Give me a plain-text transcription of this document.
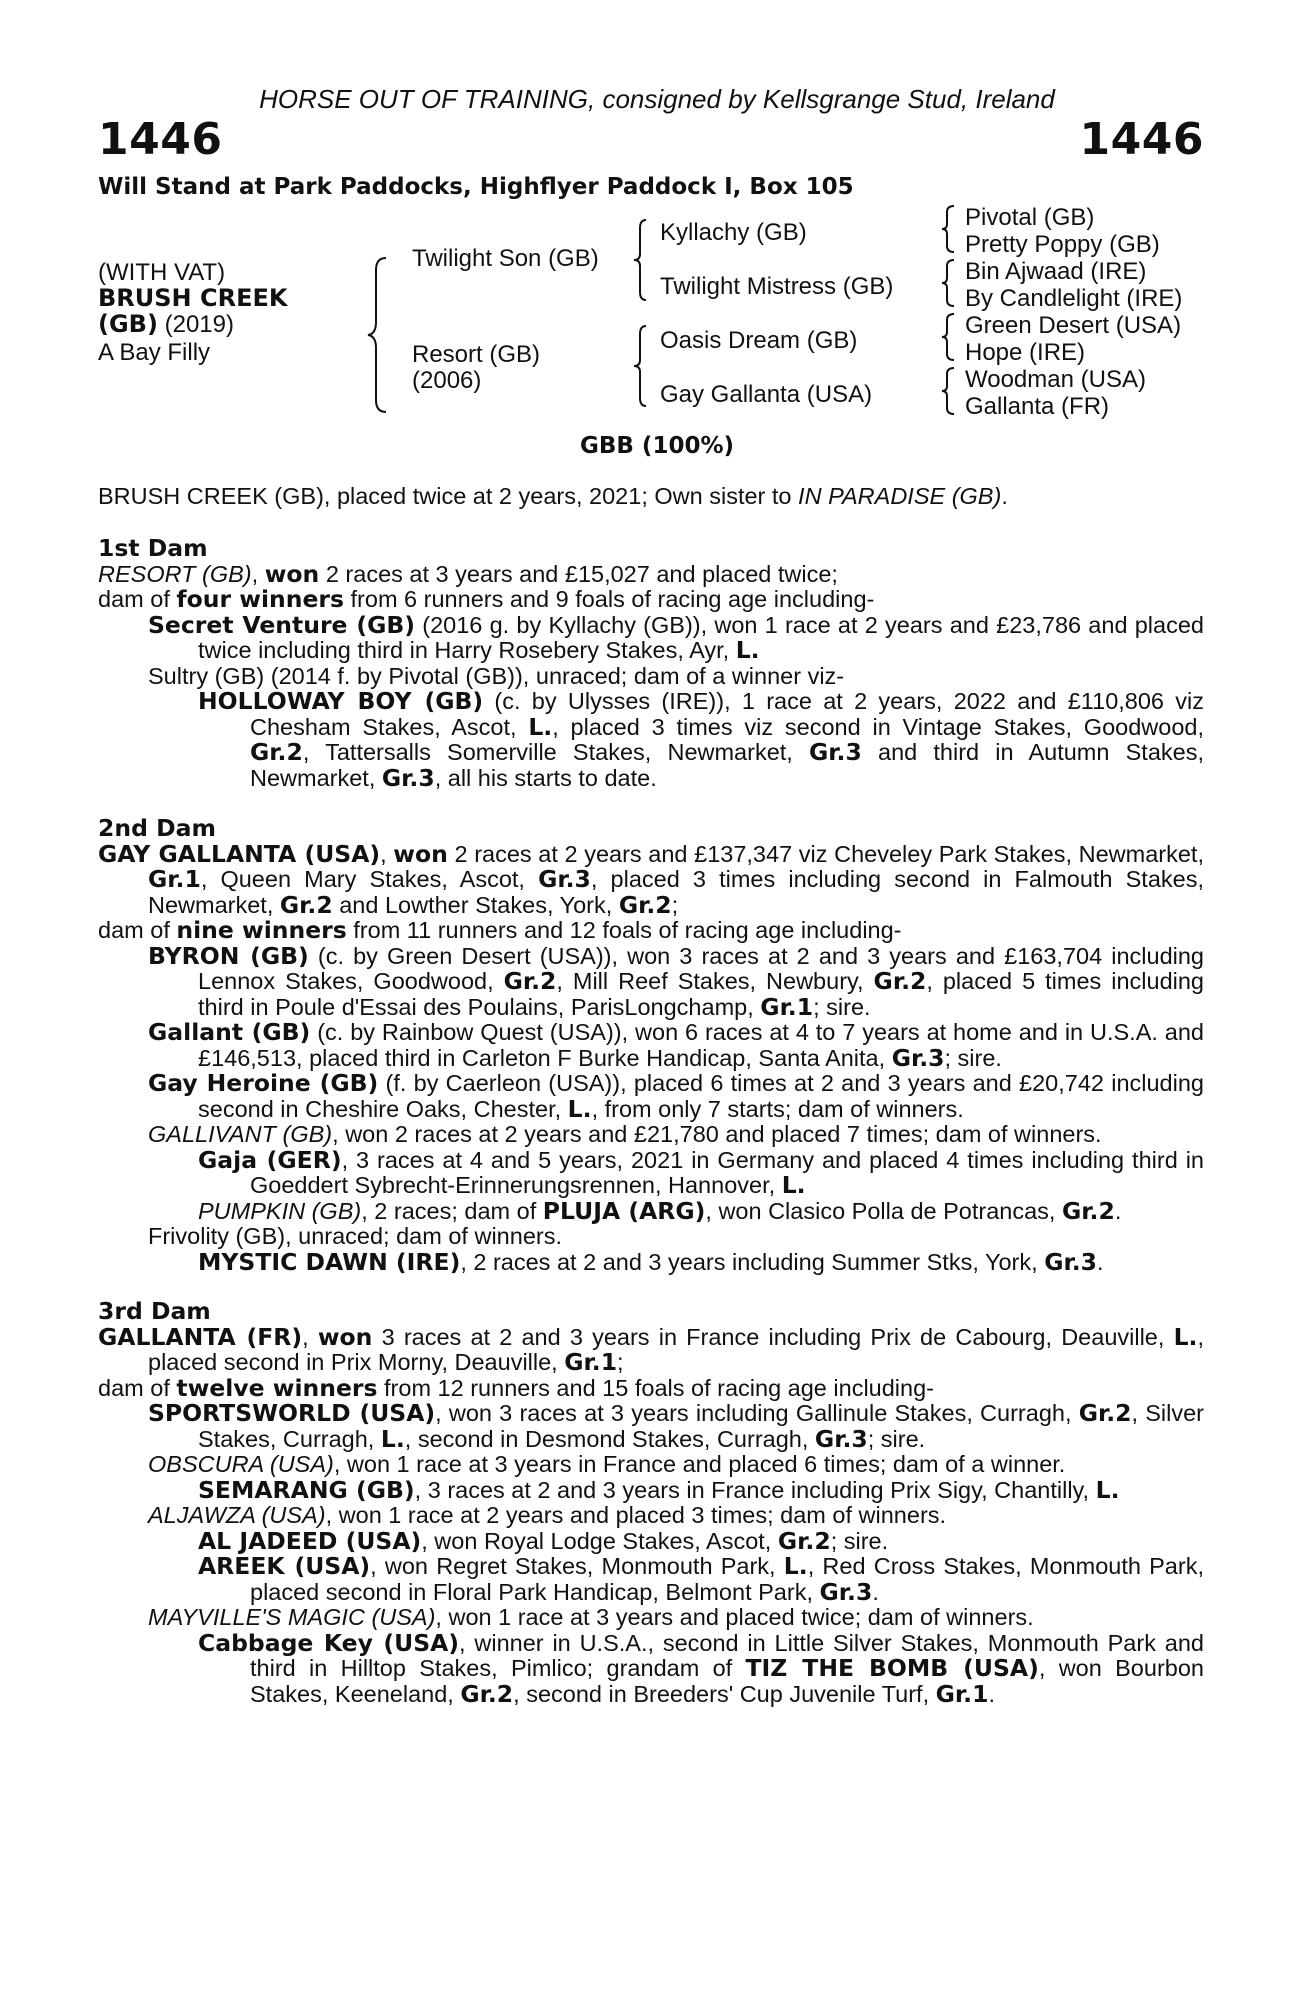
HORSE OUT OF TRAINING, consigned by Kellsgrange Stud, Ireland
1446	1446
Will Stand at Park Paddocks, Highflyer Paddock I, Box 105
(WITH VAT)
BRUSH CREEK
(GB) (2019)
A Bay Filly
Twilight Son (GB)
Resort (GB)
(2006)
Kyllachy (GB)
Twilight Mistress (GB)
Oasis Dream (GB)
Gay Gallanta (USA)
Pivotal (GB)
Pretty Poppy (GB)
Bin Ajwaad (IRE)
By Candlelight (IRE)
Green Desert (USA)
Hope (IRE)
Woodman (USA)
Gallanta (FR)
GBB (100%)
BRUSH CREEK (GB), placed twice at 2 years, 2021; Own sister to IN PARADISE (GB).
1st Dam

RESORT (GB), won 2 races at 3 years and £15,027 and placed twice;

dam of four winners from 6 runners and 9 foals of racing age including-

Secret Venture (GB) (2016 g. by Kyllachy (GB)), won 1 race at 2 years and £23,786 and placed twice including third in Harry Rosebery Stakes, Ayr, L.

Sultry (GB) (2014 f. by Pivotal (GB)), unraced; dam of a winner viz-

HOLLOWAY BOY (GB) (c. by Ulysses (IRE)), 1 race at 2 years, 2022 and £110,806 viz Chesham Stakes, Ascot, L., placed 3 times viz second in Vintage Stakes, Goodwood, Gr.2, Tattersalls Somerville Stakes, Newmarket, Gr.3 and third in Autumn Stakes, Newmarket, Gr.3, all his starts to date.

2nd Dam

GAY GALLANTA (USA), won 2 races at 2 years and £137,347 viz Cheveley Park Stakes, Newmarket, Gr.1, Queen Mary Stakes, Ascot, Gr.3, placed 3 times including second in Falmouth Stakes, Newmarket, Gr.2 and Lowther Stakes, York, Gr.2;

dam of nine winners from 11 runners and 12 foals of racing age including-

BYRON (GB) (c. by Green Desert (USA)), won 3 races at 2 and 3 years and £163,704 including Lennox Stakes, Goodwood, Gr.2, Mill Reef Stakes, Newbury, Gr.2, placed 5 times including third in Poule d'Essai des Poulains, ParisLongchamp, Gr.1; sire.

Gallant (GB) (c. by Rainbow Quest (USA)), won 6 races at 4 to 7 years at home and in U.S.A. and £146,513, placed third in Carleton F Burke Handicap, Santa Anita, Gr.3; sire.

Gay Heroine (GB) (f. by Caerleon (USA)), placed 6 times at 2 and 3 years and £20,742 including second in Cheshire Oaks, Chester, L., from only 7 starts; dam of winners.

GALLIVANT (GB), won 2 races at 2 years and £21,780 and placed 7 times; dam of winners.

Gaja (GER), 3 races at 4 and 5 years, 2021 in Germany and placed 4 times including third in Goeddert Sybrecht-Erinnerungsrennen, Hannover, L.

PUMPKIN (GB), 2 races; dam of PLUJA (ARG), won Clasico Polla de Potrancas, Gr.2.

Frivolity (GB), unraced; dam of winners.

MYSTIC DAWN (IRE), 2 races at 2 and 3 years including Summer Stks, York, Gr.3.

3rd Dam

GALLANTA (FR), won 3 races at 2 and 3 years in France including Prix de Cabourg, Deauville, L., placed second in Prix Morny, Deauville, Gr.1;

dam of twelve winners from 12 runners and 15 foals of racing age including-

SPORTSWORLD (USA), won 3 races at 3 years including Gallinule Stakes, Curragh, Gr.2, Silver Stakes, Curragh, L., second in Desmond Stakes, Curragh, Gr.3; sire.

OBSCURA (USA), won 1 race at 3 years in France and placed 6 times; dam of a winner.

SEMARANG (GB), 3 races at 2 and 3 years in France including Prix Sigy, Chantilly, L.

ALJAWZA (USA), won 1 race at 2 years and placed 3 times; dam of winners.

AL JADEED (USA), won Royal Lodge Stakes, Ascot, Gr.2; sire.

AREEK (USA), won Regret Stakes, Monmouth Park, L., Red Cross Stakes, Monmouth Park, placed second in Floral Park Handicap, Belmont Park, Gr.3.

MAYVILLE'S MAGIC (USA), won 1 race at 3 years and placed twice; dam of winners.

Cabbage Key (USA), winner in U.S.A., second in Little Silver Stakes, Monmouth Park and third in Hilltop Stakes, Pimlico; grandam of TIZ THE BOMB (USA), won Bourbon Stakes, Keeneland, Gr.2, second in Breeders' Cup Juvenile Turf, Gr.1.
